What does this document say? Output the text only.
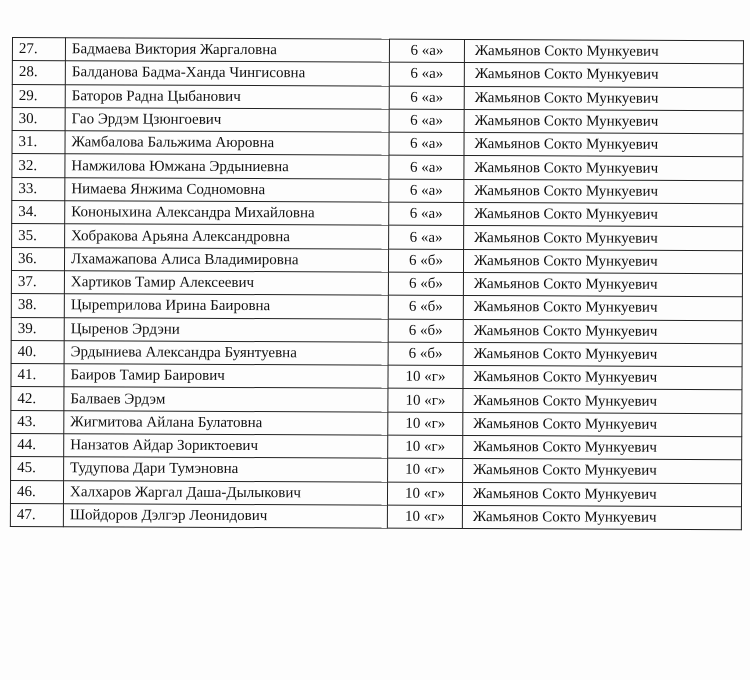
27.	Бадмаева Виктория Жаргаловна	6 «а»	Жамьянов Сокто Мункуевич
28.	Балданова Бадма-Ханда Чингисовна	6 «а»	Жамьянов Сокто Мункуевич
29.	Баторов Радна Цыбанович	6 «а»	Жамьянов Сокто Мункуевич
30.	Гао Эрдэм Цзюнгоевич	6 «а»	Жамьянов Сокто Мункуевич
31.	Жамбалова Бальжима Аюровна	6 «а»	Жамьянов Сокто Мункуевич
32.	Намжилова Юмжана Эрдыниевна	6 «а»	Жамьянов Сокто Мункуевич
33.	Нимаева Янжима Содномовна	6 «а»	Жамьянов Сокто Мункуевич
34.	Кононыхина Александра Михайловна	6 «а»	Жамьянов Сокто Мункуевич
35.	Хобракова Арьяна Александровна	6 «а»	Жамьянов Сокто Мункуевич
36.	Лхамажапова Алиса Владимировна	6 «б»	Жамьянов Сокто Мункуевич
37.	Хартиков Тамир Алексеевич	6 «б»	Жамьянов Сокто Мункуевич
38.	Цырempилова Ирина Баировна	6 «б»	Жамьянов Сокто Мункуевич
39.	Цыренов Эрдэни	6 «б»	Жамьянов Сокто Мункуевич
40.	Эрдыниева Александра Буянтуевна	6 «б»	Жамьянов Сокто Мункуевич
41.	Баиров Тамир Баирович	10 «г»	Жамьянов Сокто Мункуевич
42.	Балваев Эрдэм	10 «г»	Жамьянов Сокто Мункуевич
43.	Жигмитова Айлана Булатовна	10 «г»	Жамьянов Сокто Мункуевич
44.	Нанзатов Айдар Зориктоевич	10 «г»	Жамьянов Сокто Мункуевич
45.	Тудупова Дари Тумэновна	10 «г»	Жамьянов Сокто Мункуевич
46.	Халхаров Жаргал Даша-Дылыкович	10 «г»	Жамьянов Сокто Мункуевич
47.	Шойдоров Дэлгэр Леонидович	10 «г»	Жамьянов Сокто Мункуевич
